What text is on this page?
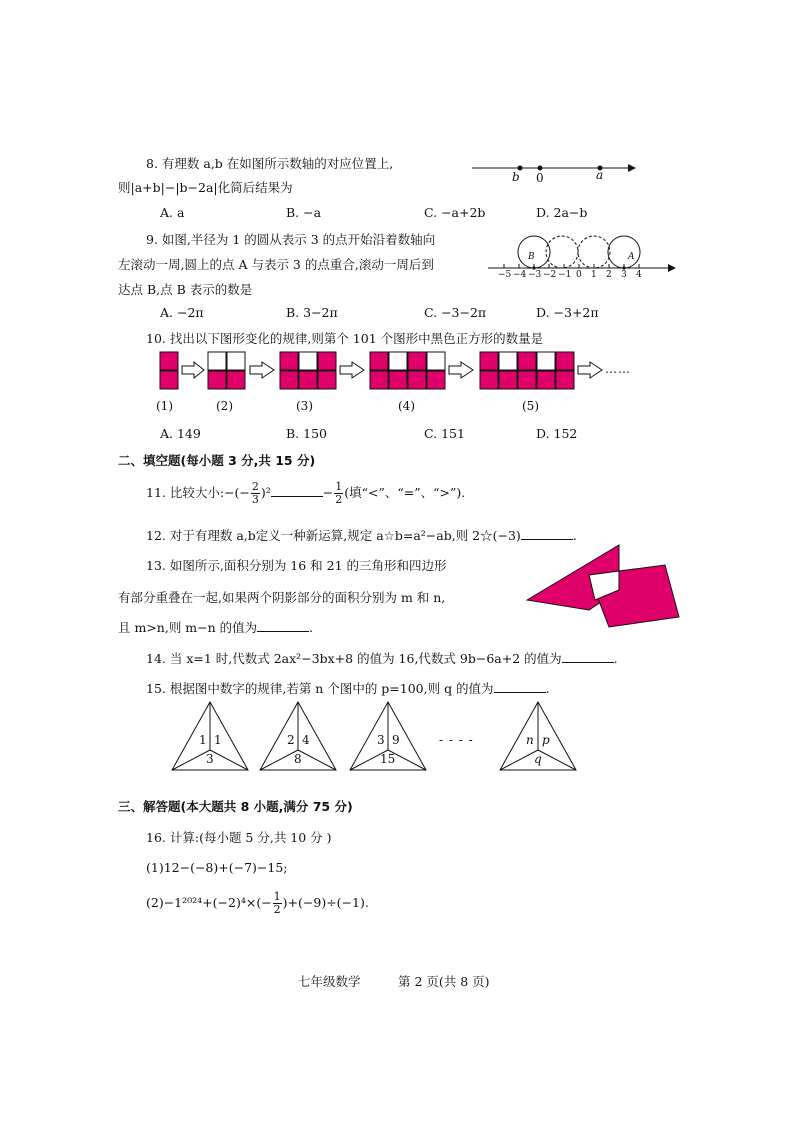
8. 有理数 a,b 在如图所示数轴的对应位置上,
则|a+b|−|b−2a|化简后结果为
A. a	B. −a	C. −a+2b	D. 2a−b
b 0	a
9. 如图,半径为 1 的圆从表示 3 的点开始沿着数轴向
左滚动一周,圆上的点 A 与表示 3 的点重合,滚动一周后到
达点 B,点 B 表示的数是
A. −2π	B. 3−2π	C. −3−2π	D. −3+2π
B	A
−5 −4 −3 −2 −1 0 1 2 3 4
10. 找出以下图形变化的规律,则第个 101 个图形中黑色正方形的数量是
……
(1)	(2)	(3)	(4)	(5)
A. 149	B. 150	C. 151	D. 152
二、填空题(每小题 3 分,共 15 分)
11. 比较大小:−(− $\frac{2}{3} )^2$	− $\frac{1}{2}$ (填“<”、“=”、“>”).
12. 对于有理数 a,b定义一种新运算,规定 a☆b=a²−ab,则 2☆(−3)	.
13. 如图所示,面积分别为 16 和 21 的三角形和四边形
有部分重叠在一起,如果两个阴影部分的面积分别为 m 和 n,
且 m>n,则 m−n 的值为	.
14. 当 x=1 时,代数式 2ax²−3bx+8 的值为 16,代数式 9b−6a+2 的值为	.
15. 根据图中数字的规律,若第 n 个图中的 p=100,则 q 的值为	.
1 1
3
2 4
8
3 9
15
- - - -	n p
q
三、解答题(本大题共 8 小题,满分 75 分)
16. 计算:(每小题 5 分,共 10 分 )
(1)12−(−8)+(−7)−15;
$(2)-1^{2024}+(-2)^4\times(- \frac{1}{2} )+(-9)\div(-1)$.
七年级数学	第 2 页(共 8 页)
